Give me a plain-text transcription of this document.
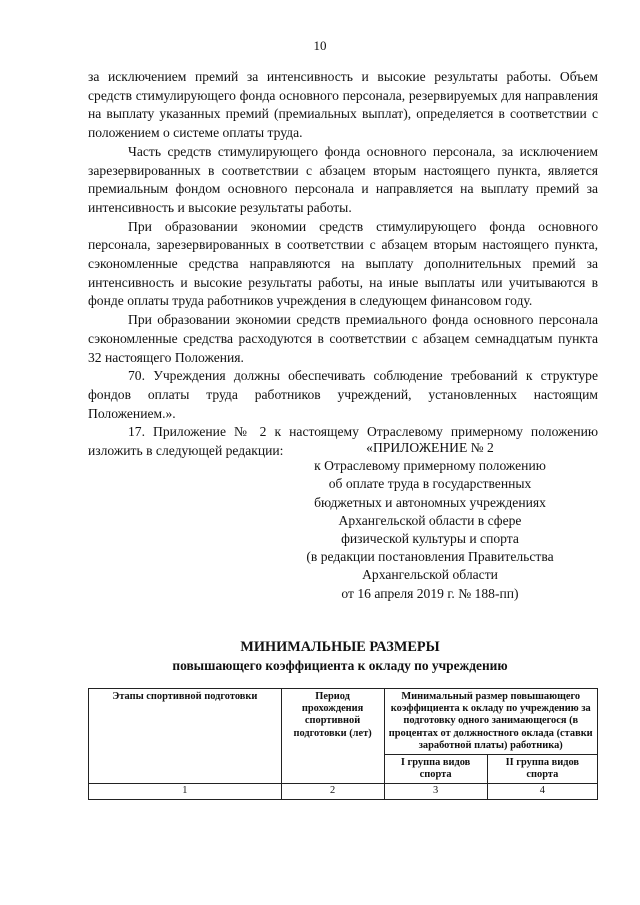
10

за исключением премий за интенсивность и высокие результаты работы. Объем средств стимулирующего фонда основного персонала, резервируемых для направления на выплату указанных премий (премиальных выплат), определяется в соответствии с положением о системе оплаты труда.

Часть средств стимулирующего фонда основного персонала, за исключением зарезервированных в соответствии с абзацем вторым настоящего пункта, является премиальным фондом основного персонала и направляется на выплату премий за интенсивность и высокие результаты работы.

При образовании экономии средств стимулирующего фонда основного персонала, зарезервированных в соответствии с абзацем вторым настоящего пункта, сэкономленные средства направляются на выплату дополнительных премий за интенсивность и высокие результаты работы, на иные выплаты или учитываются в фонде оплаты труда работников учреждения в следующем финансовом году.

При образовании экономии средств премиального фонда основного персонала сэкономленные средства расходуются в соответствии с абзацем семнадцатым пункта 32 настоящего Положения.

70. Учреждения должны обеспечивать соблюдение требований к структуре фондов оплаты труда работников учреждений, установленных настоящим Положением.».

17. Приложение № 2 к настоящему Отраслевому примерному положению изложить в следующей редакции:	«ПРИЛОЖЕНИЕ № 2
к Отраслевому примерному положению
об оплате труда в государственных
бюджетных и автономных учреждениях
Архангельской области в сфере
физической культуры и спорта
(в редакции постановления Правительства
Архангельской области
от 16 апреля 2019 г. № 188-пп)
МИНИМАЛЬНЫЕ РАЗМЕРЫ
повышающего коэффициента к окладу по учреждению
Этапы спортивной подготовки	Период прохождения спортивной подготовки (лет)	Минимальный размер повышающего коэффициента к окладу по учреждению за подготовку одного занимающегося (в процентах от должностного оклада (ставки заработной платы) работника)	
		I группа видов спорта	II группа видов спорта
1	2	3	4
